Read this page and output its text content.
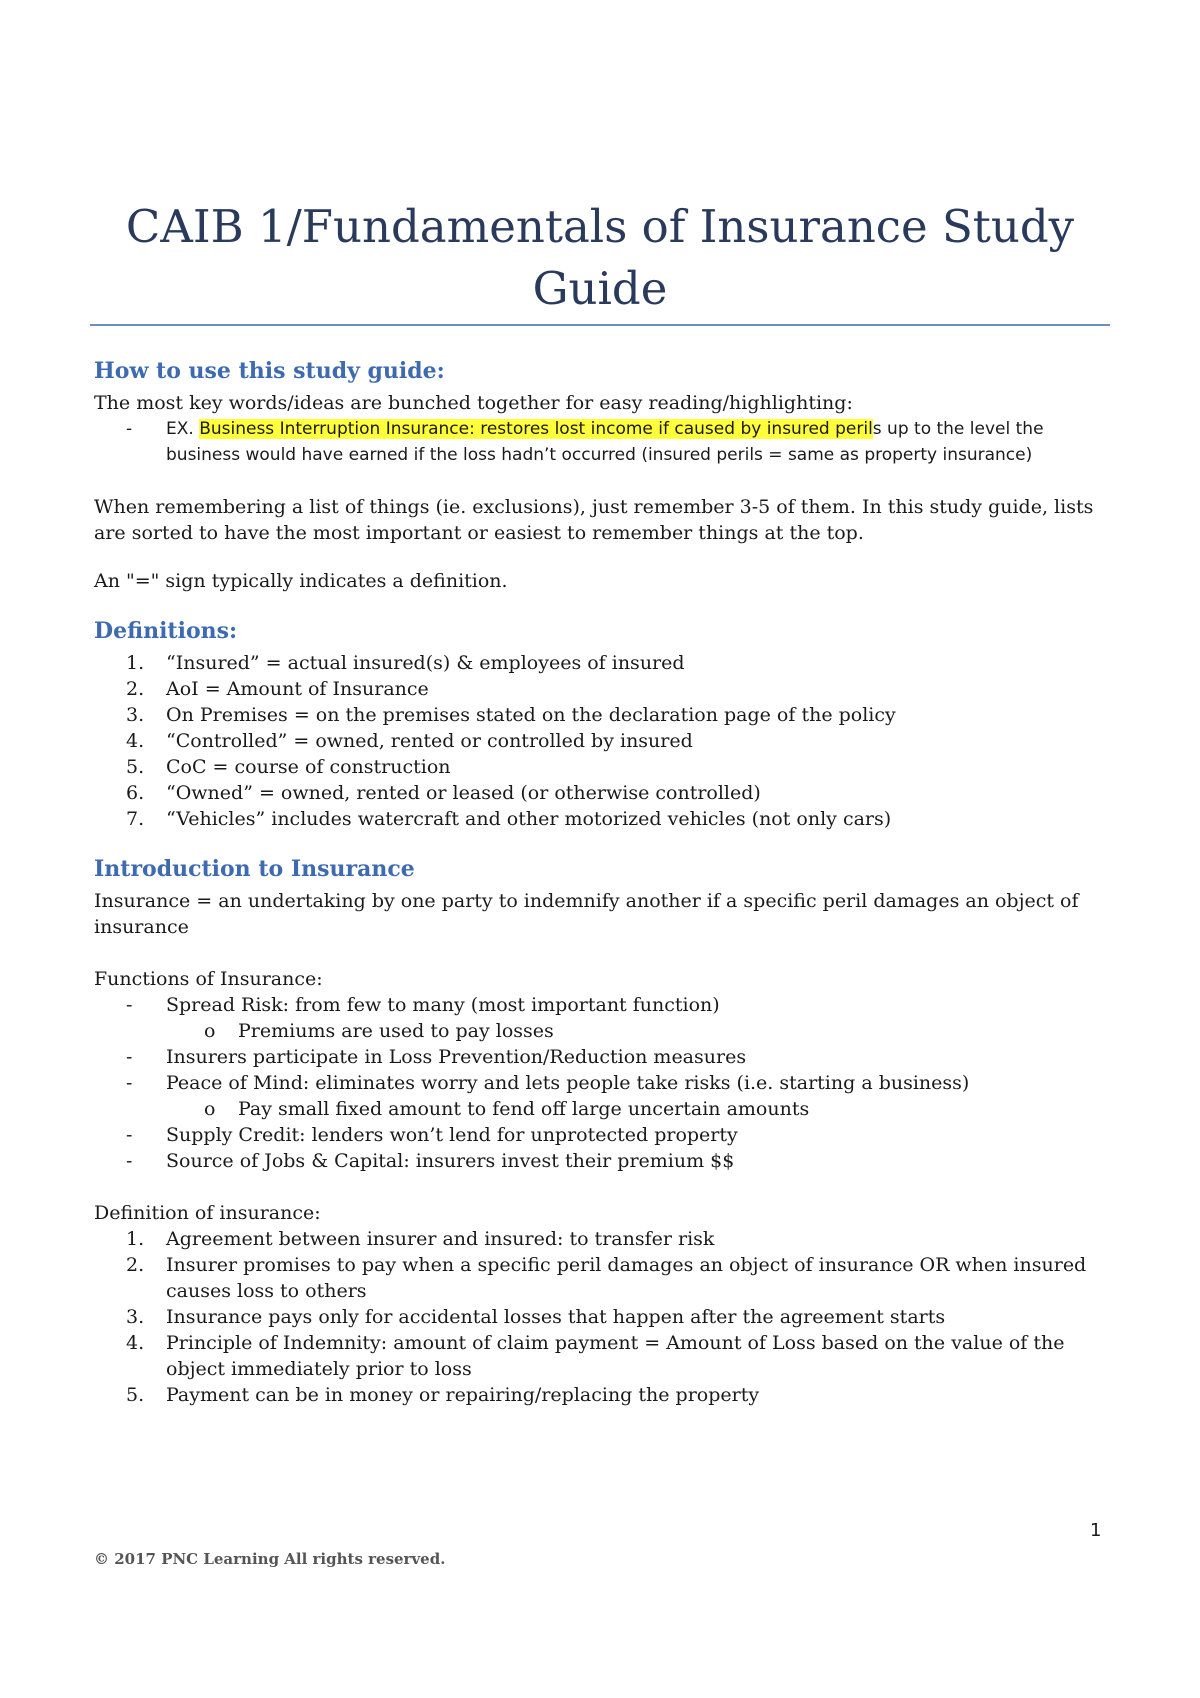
CAIB 1/Fundamentals of Insurance Study Guide
How to use this study guide:

The most key words/ideas are bunched together for easy reading/highlighting:

-	EX. Business Interruption Insurance: restores lost income if caused by insured perils up to the level the business would have earned if the loss hadn’t occurred (insured perils = same as property insurance)

When remembering a list of things (ie. exclusions), just remember 3-5 of them. In this study guide, lists are sorted to have the most important or easiest to remember things at the top.

An "=" sign typically indicates a definition.

Definitions:
1.	“Insured” = actual insured(s) & employees of insured
2.	AoI = Amount of Insurance
3.	On Premises = on the premises stated on the declaration page of the policy
4.	“Controlled” = owned, rented or controlled by insured
5.	CoC = course of construction
6.	“Owned” = owned, rented or leased (or otherwise controlled)
7.	“Vehicles” includes watercraft and other motorized vehicles (not only cars)
Introduction to Insurance

Insurance = an undertaking by one party to indemnify another if a specific peril damages an object of insurance

Functions of Insurance:

-	Spread Risk: from few to many (most important function)
o	Premiums are used to pay losses
-	Insurers participate in Loss Prevention/Reduction measures
-	Peace of Mind: eliminates worry and lets people take risks (i.e. starting a business)
o	Pay small fixed amount to fend off large uncertain amounts
-	Supply Credit: lenders won’t lend for unprotected property
-	Source of Jobs & Capital: insurers invest their premium $$

Definition of insurance:

1.	Agreement between insurer and insured: to transfer risk
2.	Insurer promises to pay when a specific peril damages an object of insurance OR when insured causes loss to others
3.	Insurance pays only for accidental losses that happen after the agreement starts
4.	Principle of Indemnity: amount of claim payment = Amount of Loss based on the value of the object immediately prior to loss
5.	Payment can be in money or repairing/replacing the property
1
© 2017 PNC Learning All rights reserved.
